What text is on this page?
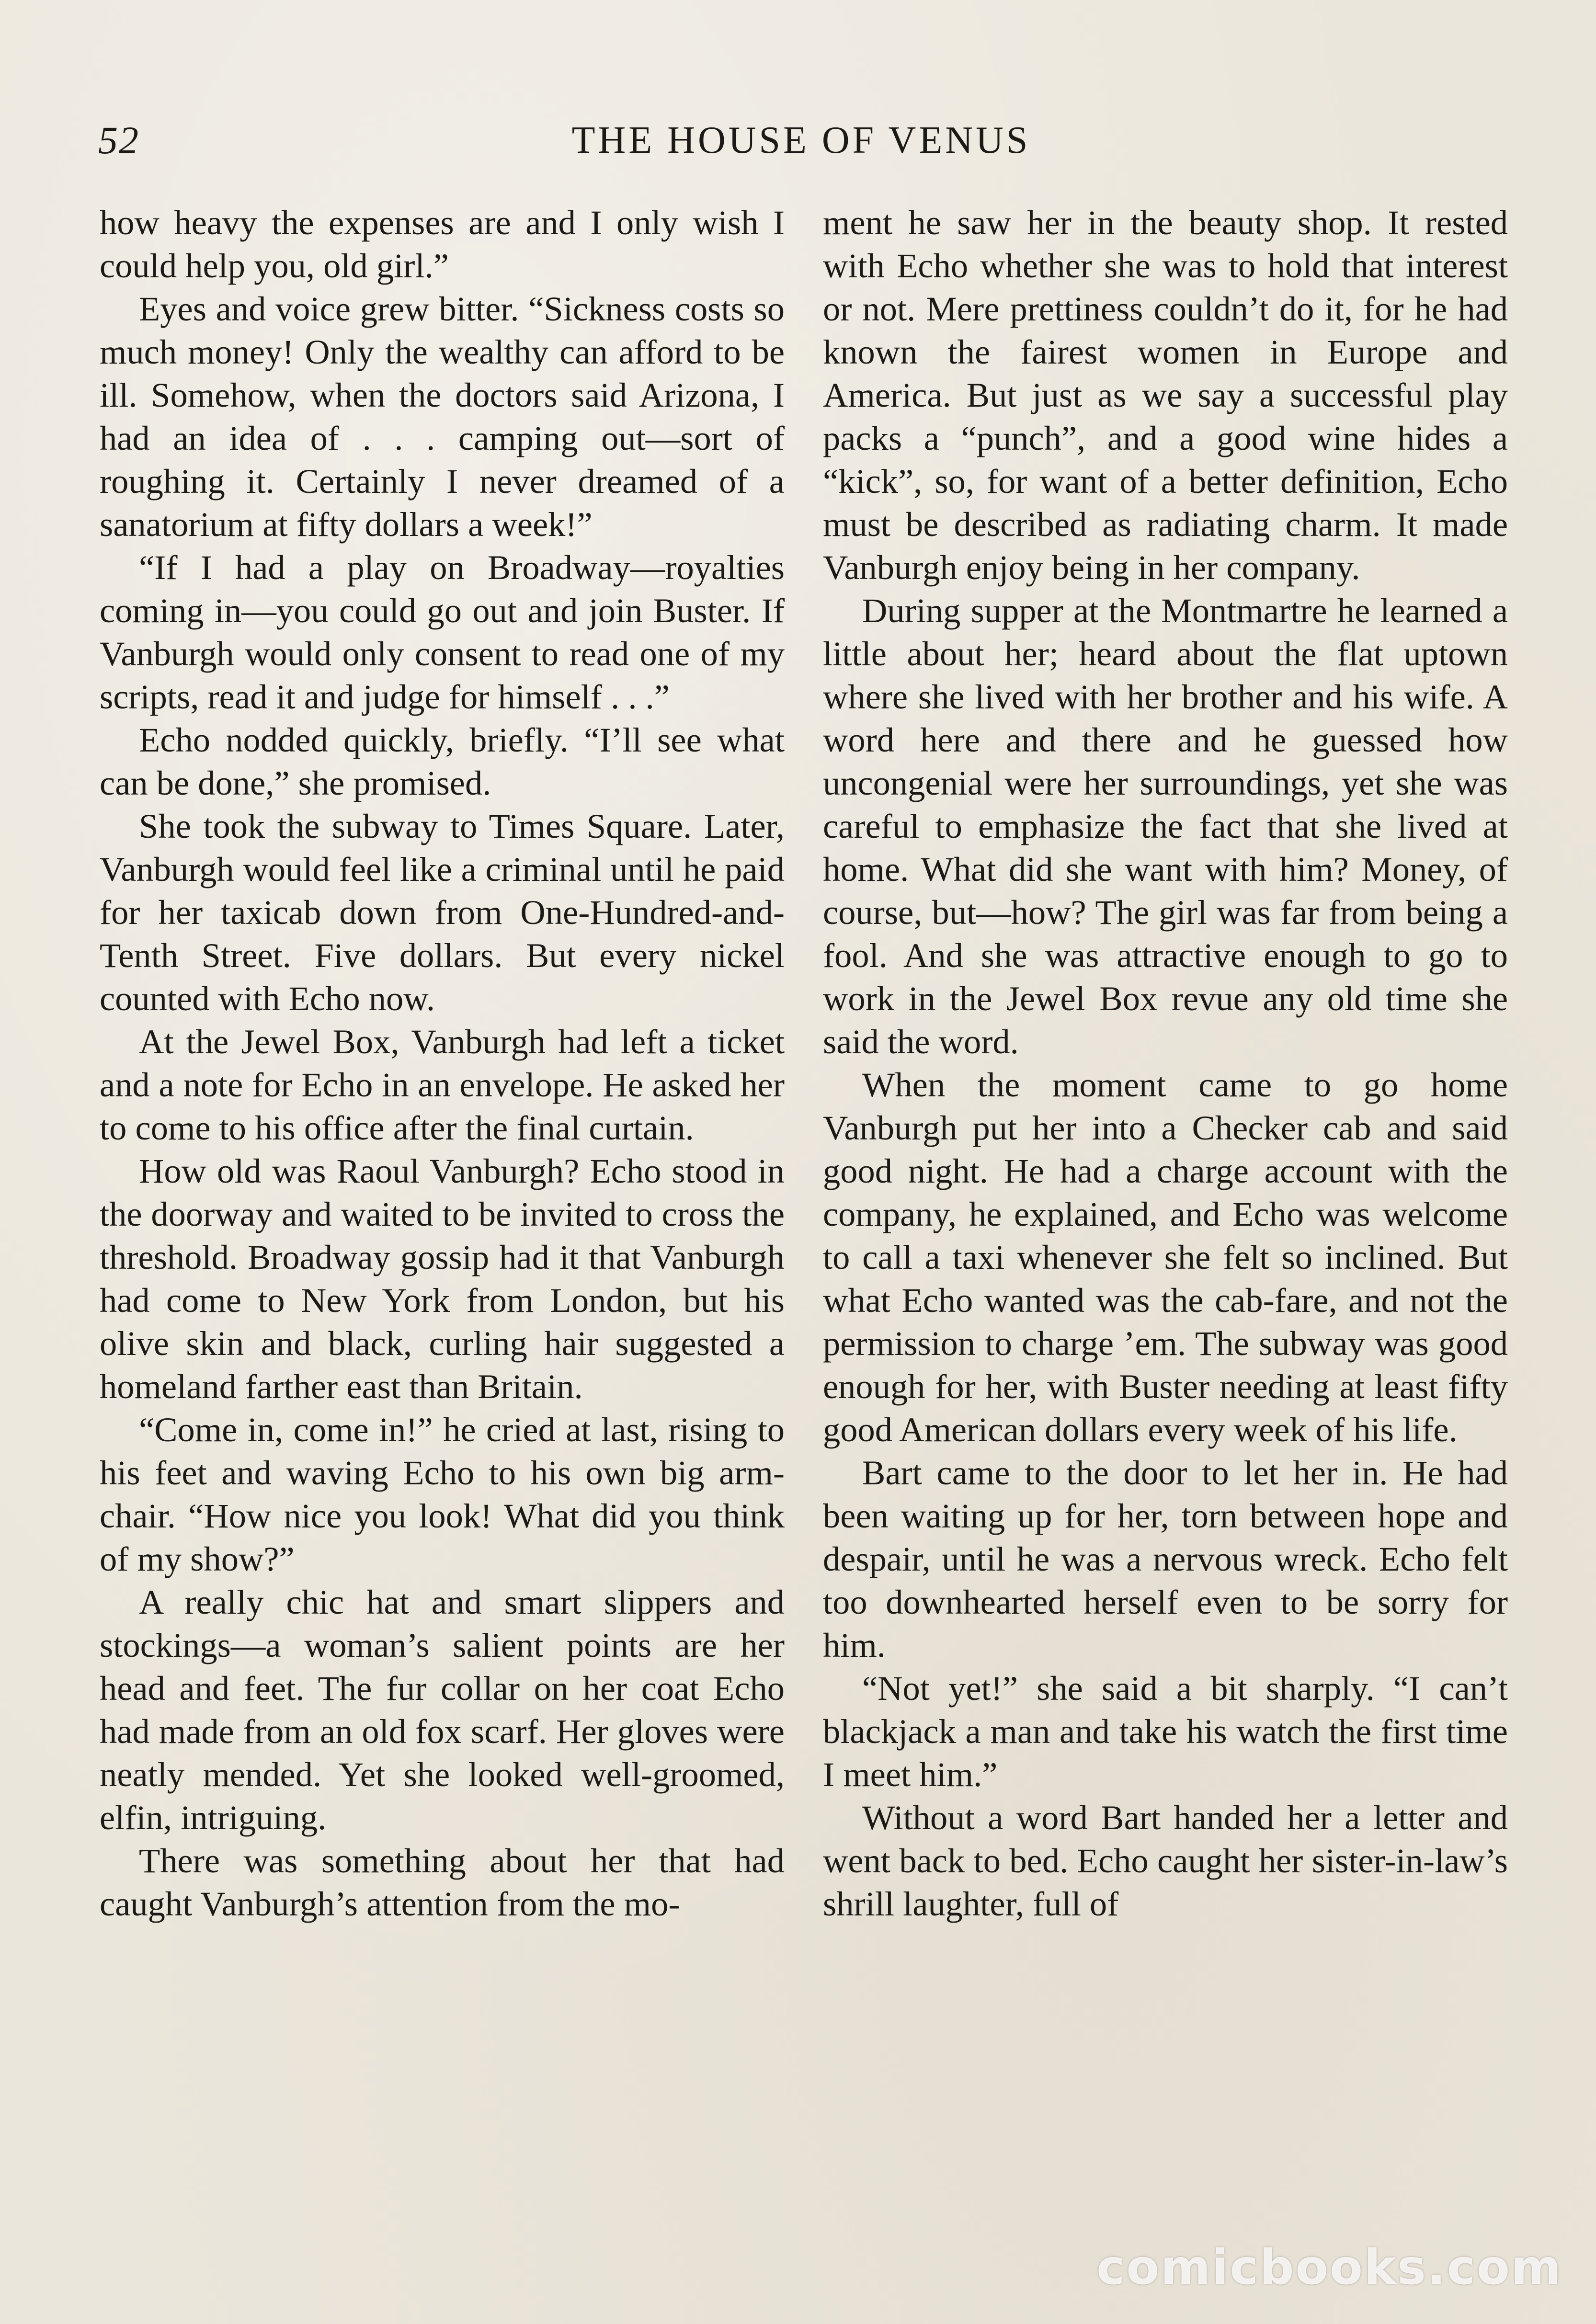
52	THE HOUSE OF VENUS

how heavy the expenses are and I only wish I could help you, old girl.”

Eyes and voice grew bitter. “Sickness costs so much money! Only the wealthy can afford to be ill. Somehow, when the doctors said Arizona, I had an idea of . . . camping out—sort of roughing it. Certainly I never dreamed of a sanatorium at fifty dollars a week!”

“If I had a play on Broadway—royalties coming in—you could go out and join Buster. If Vanburgh would only consent to read one of my scripts, read it and judge for himself . . .”

Echo nodded quickly, briefly. “I’ll see what can be done,” she promised.

She took the subway to Times Square. Later, Vanburgh would feel like a criminal until he paid for her taxicab down from One-Hundred-and-Tenth Street. Five dollars. But every nickel counted with Echo now.

At the Jewel Box, Vanburgh had left a ticket and a note for Echo in an envelope. He asked her to come to his office after the final curtain.

How old was Raoul Vanburgh? Echo stood in the doorway and waited to be invited to cross the threshold. Broadway gossip had it that Vanburgh had come to New York from London, but his olive skin and black, curling hair suggested a homeland farther east than Britain.

“Come in, come in!” he cried at last, rising to his feet and waving Echo to his own big arm-chair. “How nice you look! What did you think of my show?”

A really chic hat and smart slippers and stockings—a woman’s salient points are her head and feet. The fur collar on her coat Echo had made from an old fox scarf. Her gloves were neatly mended. Yet she looked well-groomed, elfin, intriguing.

There was something about her that had caught Vanburgh’s attention from the mo-

ment he saw her in the beauty shop. It rested with Echo whether she was to hold that interest or not. Mere prettiness couldn’t do it, for he had known the fairest women in Europe and America. But just as we say a successful play packs a “punch”, and a good wine hides a “kick”, so, for want of a better definition, Echo must be described as radiating charm. It made Vanburgh enjoy being in her company.

During supper at the Montmartre he learned a little about her; heard about the flat uptown where she lived with her brother and his wife. A word here and there and he guessed how uncongenial were her surroundings, yet she was careful to emphasize the fact that she lived at home. What did she want with him? Money, of course, but—how? The girl was far from being a fool. And she was attractive enough to go to work in the Jewel Box revue any old time she said the word.

When the moment came to go home Vanburgh put her into a Checker cab and said good night. He had a charge account with the company, he explained, and Echo was welcome to call a taxi whenever she felt so inclined. But what Echo wanted was the cab-fare, and not the permission to charge ’em. The subway was good enough for her, with Buster needing at least fifty good American dollars every week of his life.

Bart came to the door to let her in. He had been waiting up for her, torn between hope and despair, until he was a nervous wreck. Echo felt too downhearted herself even to be sorry for him.

“Not yet!” she said a bit sharply. “I can’t blackjack a man and take his watch the first time I meet him.”

Without a word Bart handed her a letter and went back to bed. Echo caught her sister-in-law’s shrill laughter, full of

comicbooks.com
